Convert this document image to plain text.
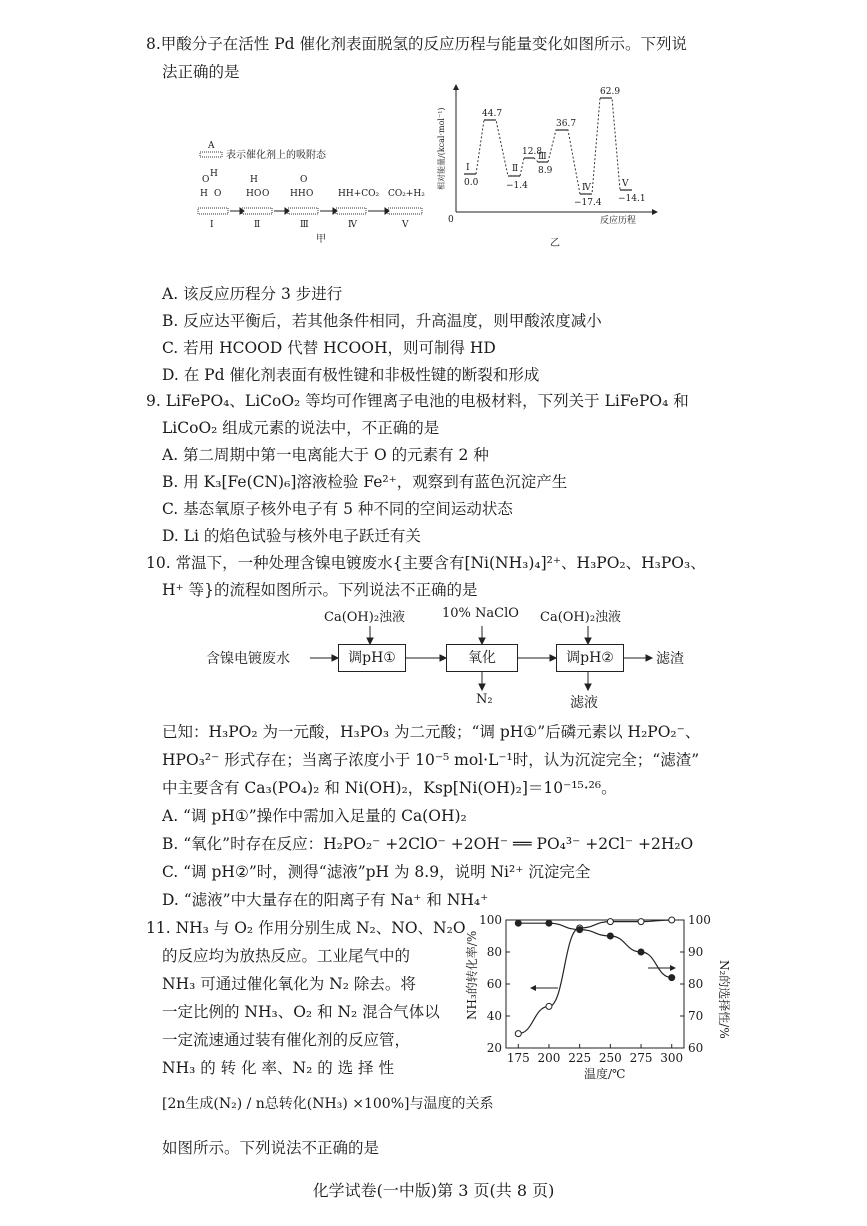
8.甲酸分子在活性 Pd 催化剂表面脱氢的反应历程与能量变化如图所示。下列说
法正确的是
A
表示催化剂上的吸附态
O
H
H O
H
H O O
O
HH O	HH+CO₂ CO₂+H₂
I	Ⅱ	Ⅲ	Ⅳ	Ⅴ
甲
0	反应历程
相对能量/(kcal·mol⁻¹)
乙
I
0.0
44.7
Ⅱ
−1.4
12.8
Ⅲ
8.9
36.7
Ⅳ
−17.4
62.9
Ⅴ
−14.1
A. 该反应历程分 3 步进行
B. 反应达平衡后，若其他条件相同，升高温度，则甲酸浓度减小
C. 若用 HCOOD 代替 HCOOH，则可制得 HD
D. 在 Pd 催化剂表面有极性键和非极性键的断裂和形成
9. LiFePO₄、LiCoO₂ 等均可作锂离子电池的电极材料，下列关于 LiFePO₄ 和
LiCoO₂ 组成元素的说法中，不正确的是
A. 第二周期中第一电离能大于 O 的元素有 2 种
B. 用 K₃[Fe(CN)₆]溶液检验 Fe²⁺，观察到有蓝色沉淀产生
C. 基态氧原子核外电子有 5 种不同的空间运动状态
D. Li 的焰色试验与核外电子跃迁有关
10. 常温下，一种处理含镍电镀废水{主要含有[Ni(NH₃)₄]²⁺、H₃PO₂、H₃PO₃、
H⁺ 等}的流程如图所示。下列说法不正确的是
含镍电镀废水	调pH①	氧化	调pH②	滤渣
Ca(OH)₂浊液	10% NaClO Ca(OH)₂浊液
N₂	滤液
已知：H₃PO₂ 为一元酸，H₃PO₃ 为二元酸；“调 pH①”后磷元素以 H₂PO₂⁻、
HPO₃²⁻ 形式存在；当离子浓度小于 10⁻⁵ mol·L⁻¹时，认为沉淀完全；“滤渣”
中主要含有 Ca₃(PO₄)₂ 和 Ni(OH)₂，Ksp[Ni(OH)₂]＝10⁻¹⁵·²⁶。
A. “调 pH①”操作中需加入足量的 Ca(OH)₂
B. “氧化”时存在反应：H₂PO₂⁻ +2ClO⁻ +2OH⁻ ══ PO₄³⁻ +2Cl⁻ +2H₂O
C. “调 pH②”时，测得“滤液”pH 为 8.9，说明 Ni²⁺ 沉淀完全
D. “滤液”中大量存在的阳离子有 Na⁺ 和 NH₄⁺
11. NH₃ 与 O₂ 作用分别生成 N₂、NO、N₂O
的反应均为放热反应。工业尾气中的
NH₃ 可通过催化氧化为 N₂ 除去。将
一定比例的 NH₃、O₂ 和 N₂ 混合气体以
一定流速通过装有催化剂的反应管，
NH₃ 的 转 化 率、N₂ 的 选 择 性
[2n生成(N₂) / n总转化(NH₃) ×100%]与温度的关系
如图所示。下列说法不正确的是
NH₃的转化率/%	N₂的选择性/%
温度/℃
20
40
60
80
100
60
70
80
90
100
175 200 225 250 275 300
化学试卷(一中版)第 3 页(共 8 页)
